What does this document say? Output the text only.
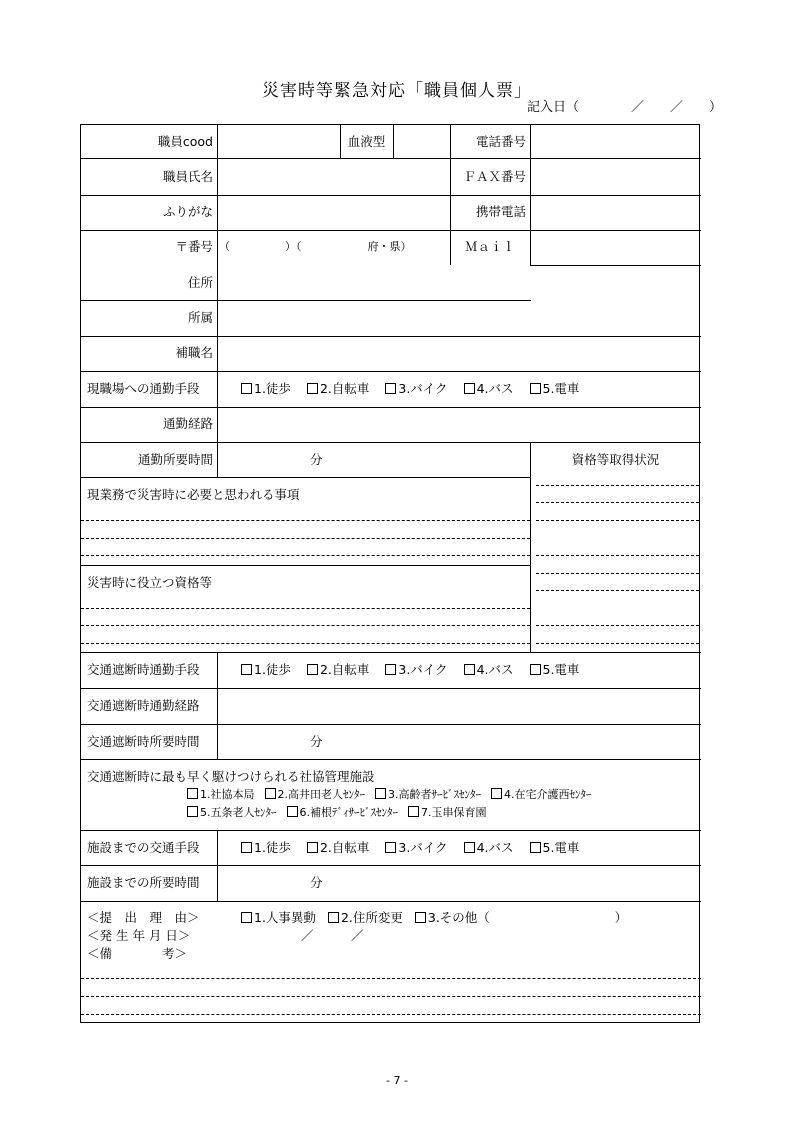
災害時等緊急対応「職員個人票」
記入日（　　　　／　　／　　）
職員cood	血液型	電話番号
職員氏名	ＦＡＸ番号
ふりがな	携帯電話
〒番号 （　　　　　）（　　　　　　府・県）	Ｍａｉｌ
住所
所属
補職名
現職場への通勤手段	1.徒歩	2.自転車	3.バイク	4.バス	5.電車
通勤経路
通勤所要時間	分	資格等取得状況
現業務で災害時に必要と思われる事項
災害時に役立つ資格等
交通遮断時通勤手段	1.徒歩	2.自転車	3.バイク	4.バス	5.電車
交通遮断時通勤経路
交通遮断時所要時間	分
交通遮断時に最も早く駆けつけられる社協管理施設
1.社協本局	2.高井田老人ｾﾝﾀｰ	3.高齢者ｻｰﾋﾞｽｾﾝﾀｰ	4.在宅介護西ｾﾝﾀｰ
5.五条老人ｾﾝﾀｰ	6.補根ﾃﾞｨｻｰﾋﾞｽｾﾝﾀｰ	7.玉串保育園
施設までの交通手段	1.徒歩	2.自転車	3.バイク	4.バス	5.電車
施設までの所要時間	分
＜提　出　理　由＞	1.人事異動	2.住所変更	3.その他（　　　　　　　　　　）
＜発 生 年 月 日＞	／　　　／
＜備　　　　考＞
- 7 -
